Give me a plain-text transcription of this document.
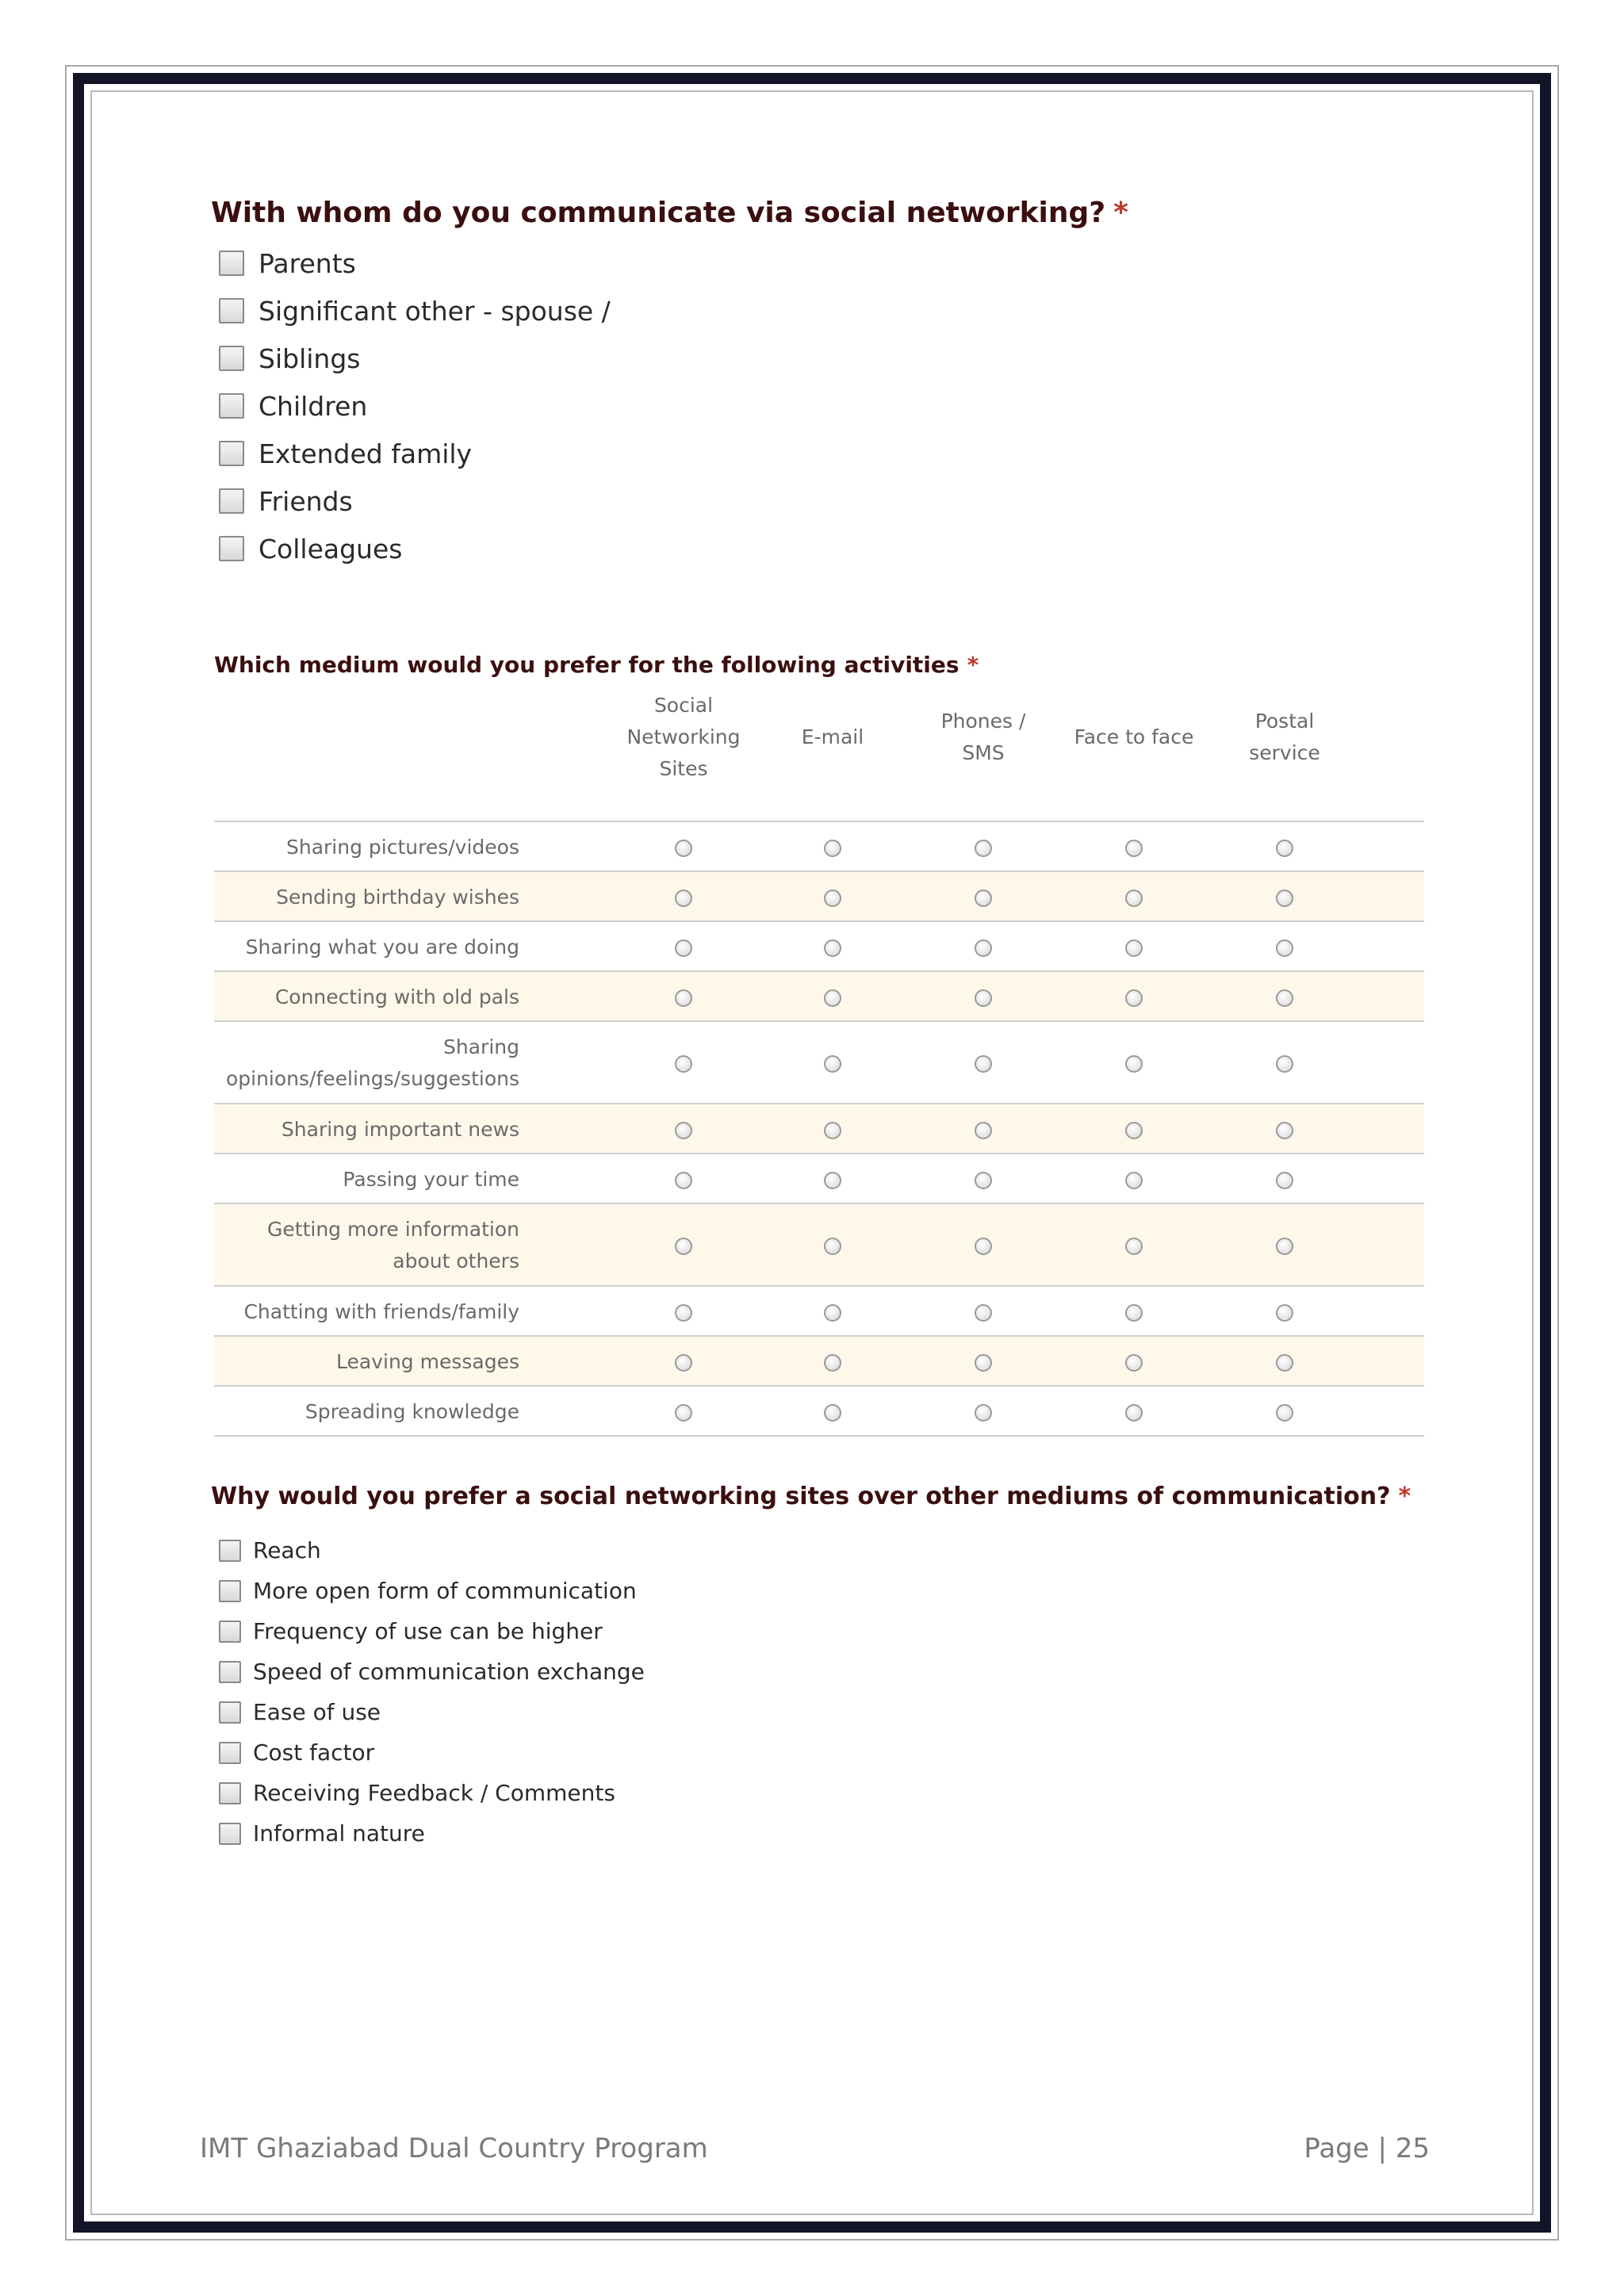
With whom do you communicate via social networking? *
Parents
Significant other - spouse /
Siblings
Children
Extended family
Friends
Colleagues
Which medium would you prefer for the following activities *
Social
Networking
Sites
E-mail
Phones /
SMS
Face to face
Postal
service
Sharing pictures/videos
Sending birthday wishes
Sharing what you are doing
Connecting with old pals
Sharing
opinions/feelings/suggestions
Sharing important news
Passing your time
Getting more information
about others
Chatting with friends/family
Leaving messages
Spreading knowledge
Why would you prefer a social networking sites over other mediums of communication? *
Reach
More open form of communication
Frequency of use can be higher
Speed of communication exchange
Ease of use
Cost factor
Receiving Feedback / Comments
Informal nature
IMT Ghaziabad Dual Country Program	Page | 25
